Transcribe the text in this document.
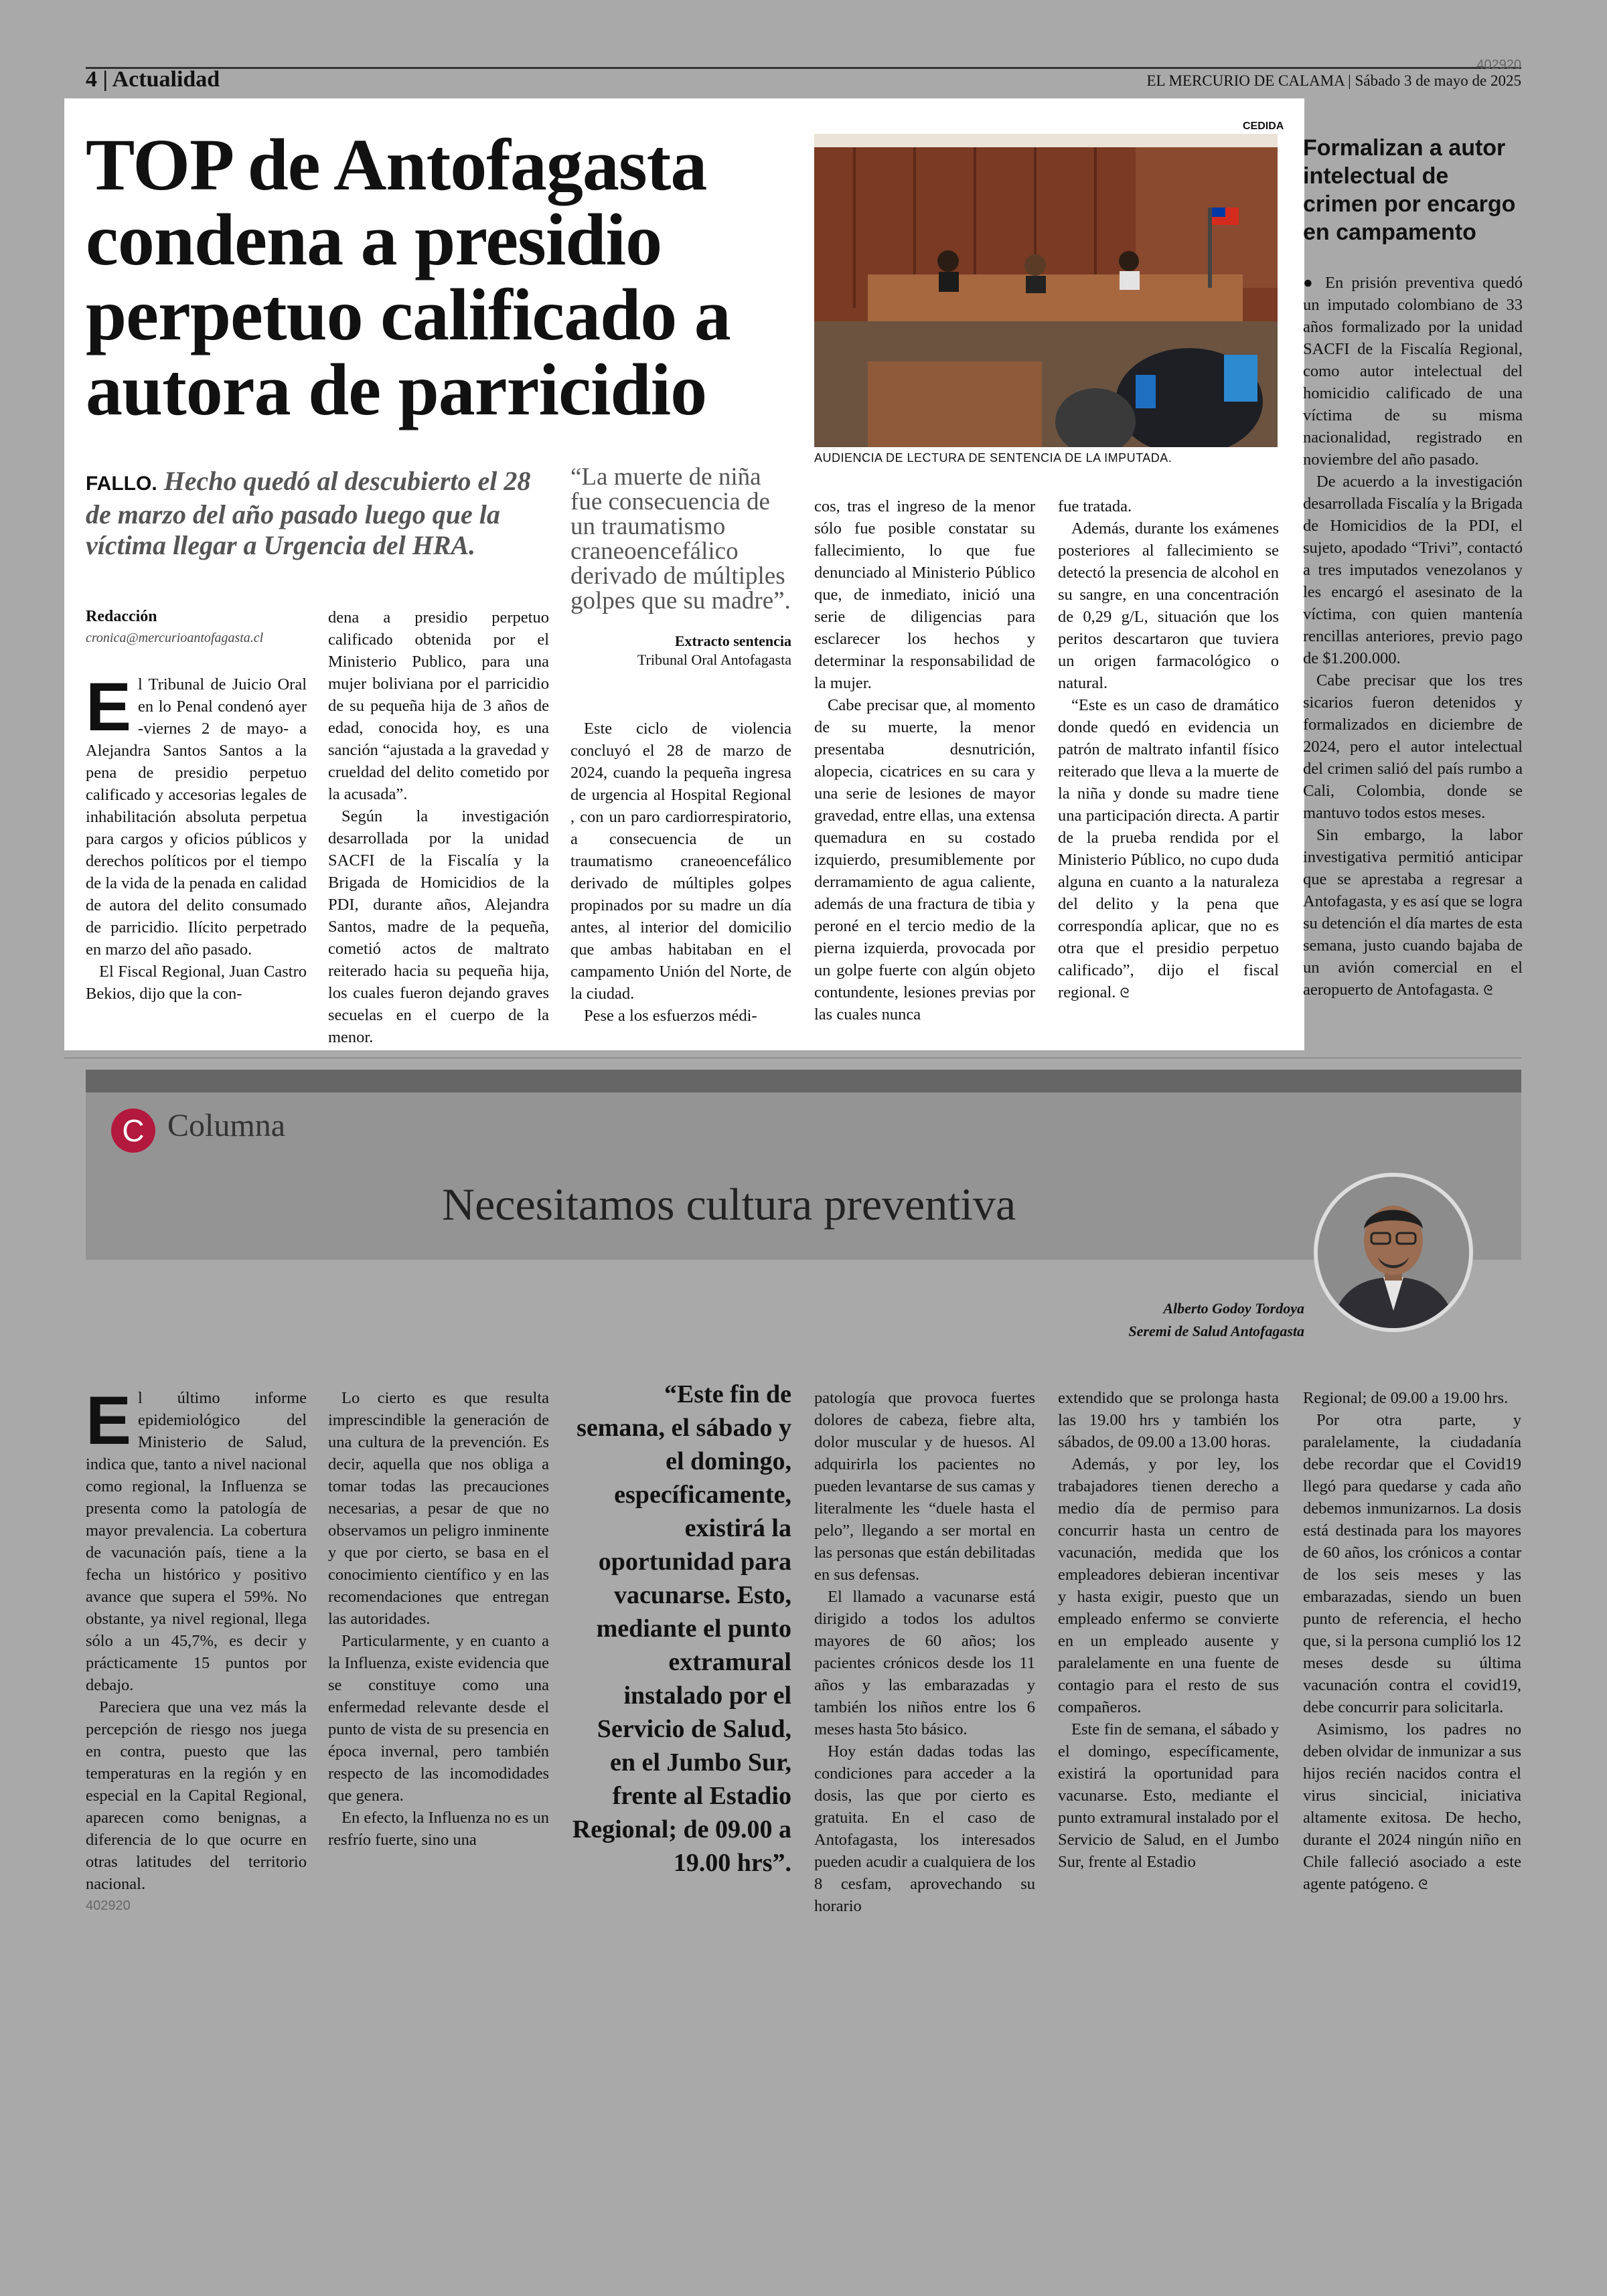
4 | Actualidad
402920
EL MERCURIO DE CALAMA | Sábado 3 de mayo de 2025
TOP de Antofagasta condena a presidio perpetuo calificado a autora de parricidio
FALLO. Hecho quedó al descubierto el 28 de marzo del año pasado luego que la víctima llegar a Urgencia del HRA.
“La muerte de niña fue consecuencia de un traumatismo craneoencefálico derivado de múltiples golpes que su madre”.
Extracto sentencia
Tribunal Oral Antofagasta
CEDIDA
AUDIENCIA DE LECTURA DE SENTENCIA DE LA IMPUTADA.
Redacción
cronica@mercurioantofagasta.cl
E l Tribunal de Juicio Oral en lo Penal condenó ayer -viernes 2 de mayo- a Alejandra Santos Santos a la pena de presidio perpetuo calificado y accesorias legales de inhabilitación absoluta perpetua para cargos y oficios públicos y derechos políticos por el tiempo de la vida de la penada en calidad de autora del delito consumado de parricidio. Ilícito perpetrado en marzo del año pasado.

El Fiscal Regional, Juan Castro Bekios, dijo que la con-

dena a presidio perpetuo calificado obtenida por el Ministerio Publico, para una mujer boliviana por el parricidio de su pequeña hija de 3 años de edad, conocida hoy, es una sanción “ajustada a la gravedad y crueldad del delito cometido por la acusada”.

Según la investigación desarrollada por la unidad SACFI de la Fiscalía y la Brigada de Homicidios de la PDI, durante años, Alejandra Santos, madre de la pequeña, cometió actos de maltrato reiterado hacia su pequeña hija, los cuales fueron dejando graves secuelas en el cuerpo de la menor.

Este ciclo de violencia concluyó el 28 de marzo de 2024, cuando la pequeña ingresa de urgencia al Hospital Regional , con un paro cardiorrespiratorio, a consecuencia de un traumatismo craneoencefálico derivado de múltiples golpes propinados por su madre un día antes, al interior del domicilio que ambas habitaban en el campamento Unión del Norte, de la ciudad.

Pese a los esfuerzos médi-

cos, tras el ingreso de la menor sólo fue posible constatar su fallecimiento, lo que fue denunciado al Ministerio Público que, de inmediato, inició una serie de diligencias para esclarecer los hechos y determinar la responsabilidad de la mujer.

Cabe precisar que, al momento de su muerte, la menor presentaba desnutrición, alopecia, cicatrices en su cara y una serie de lesiones de mayor gravedad, entre ellas, una extensa quemadura en su costado izquierdo, presumiblemente por derramamiento de agua caliente, además de una fractura de tibia y peroné en el tercio medio de la pierna izquierda, provocada por un golpe fuerte con algún objeto contundente, lesiones previas por las cuales nunca

fue tratada.

Además, durante los exámenes posteriores al fallecimiento se detectó la presencia de alcohol en su sangre, en una concentración de 0,29 g/L, situación que los peritos descartaron que tuviera un origen farmacológico o natural.

“Este es un caso de dramático donde quedó en evidencia un patrón de maltrato infantil físico reiterado que lleva a la muerte de la niña y donde su madre tiene una participación directa. A partir de la prueba rendida por el Ministerio Público, no cupo duda alguna en cuanto a la naturaleza del delito y la pena que correspondía aplicar, que no es otra que el presidio perpetuo calificado”, dijo el fiscal regional. ᘓ

Formalizan a autor intelectual de crimen por encargo en campamento

● En prisión preventiva quedó un imputado colombiano de 33 años formalizado por la unidad SACFI de la Fiscalía Regional, como autor intelectual del homicidio calificado de una víctima de su misma nacionalidad, registrado en noviembre del año pasado.

De acuerdo a la investigación desarrollada Fiscalía y la Brigada de Homicidios de la PDI, el sujeto, apodado “Trivi”, contactó a tres imputados venezolanos y les encargó el asesinato de la víctima, con quien mantenía rencillas anteriores, previo pago de $1.200.000.

Cabe precisar que los tres sicarios fueron detenidos y formalizados en diciembre de 2024, pero el autor intelectual del crimen salió del país rumbo a Cali, Colombia, donde se mantuvo todos estos meses.

Sin embargo, la labor investigativa permitió anticipar que se aprestaba a regresar a Antofagasta, y es así que se logra su detención el día martes de esta semana, justo cuando bajaba de un avión comercial en el aeropuerto de Antofagasta. ᘓ

C Columna
Necesitamos cultura preventiva
Alberto Godoy Tordoya
Seremi de Salud Antofagasta
E l último informe epidemiológico del Ministerio de Salud, indica que, tanto a nivel nacional como regional, la Influenza se presenta como la patología de mayor prevalencia. La cobertura de vacunación país, tiene a la fecha un histórico y positivo avance que supera el 59%. No obstante, ya nivel regional, llega sólo a un 45,7%, es decir y prácticamente 15 puntos por debajo.

Pareciera que una vez más la percepción de riesgo nos juega en contra, puesto que las temperaturas en la región y en especial en la Capital Regional, aparecen como benignas, a diferencia de lo que ocurre en otras latitudes del territorio nacional.

Lo cierto es que resulta imprescindible la generación de una cultura de la prevención. Es decir, aquella que nos obliga a tomar todas las precauciones necesarias, a pesar de que no observamos un peligro inminente y que por cierto, se basa en el conocimiento científico y en las recomendaciones que entregan las autoridades.

Particularmente, y en cuanto a la Influenza, existe evidencia que se constituye como una enfermedad relevante desde el punto de vista de su presencia en época invernal, pero también respecto de las incomodidades que genera.

En efecto, la Influenza no es un resfrío fuerte, sino una

“Este fin de semana, el sábado y el domingo, específicamente, existirá la oportunidad para vacunarse. Esto, mediante el punto extramural instalado por el Servicio de Salud, en el Jumbo Sur, frente al Estadio Regional; de 09.00 a 19.00 hrs”.

patología que provoca fuertes dolores de cabeza, fiebre alta, dolor muscular y de huesos. Al adquirirla los pacientes no pueden levantarse de sus camas y literalmente les “duele hasta el pelo”, llegando a ser mortal en las personas que están debilitadas en sus defensas.

El llamado a vacunarse está dirigido a todos los adultos mayores de 60 años; los pacientes crónicos desde los 11 años y las embarazadas y también los niños entre los 6 meses hasta 5to básico.

Hoy están dadas todas las condiciones para acceder a la dosis, las que por cierto es gratuita. En el caso de Antofagasta, los interesados pueden acudir a cualquiera de los 8 cesfam, aprovechando su horario

extendido que se prolonga hasta las 19.00 hrs y también los sábados, de 09.00 a 13.00 horas.

Además, y por ley, los trabajadores tienen derecho a medio día de permiso para concurrir hasta un centro de vacunación, medida que los empleadores debieran incentivar y hasta exigir, puesto que un empleado enfermo se convierte en un empleado ausente y paralelamente en una fuente de contagio para el resto de sus compañeros.

Este fin de semana, el sábado y el domingo, específicamente, existirá la oportunidad para vacunarse. Esto, mediante el punto extramural instalado por el Servicio de Salud, en el Jumbo Sur, frente al Estadio

Regional; de 09.00 a 19.00 hrs.

Por otra parte, y paralelamente, la ciudadanía debe recordar que el Covid19 llegó para quedarse y cada año debemos inmunizarnos. La dosis está destinada para los mayores de 60 años, los crónicos a contar de los seis meses y las embarazadas, siendo un buen punto de referencia, el hecho que, si la persona cumplió los 12 meses desde su última vacunación contra el covid19, debe concurrir para solicitarla.

Asimismo, los padres no deben olvidar de inmunizar a sus hijos recién nacidos contra el virus sincicial, iniciativa altamente exitosa. De hecho, durante el 2024 ningún niño en Chile falleció asociado a este agente patógeno. ᘓ

402920
